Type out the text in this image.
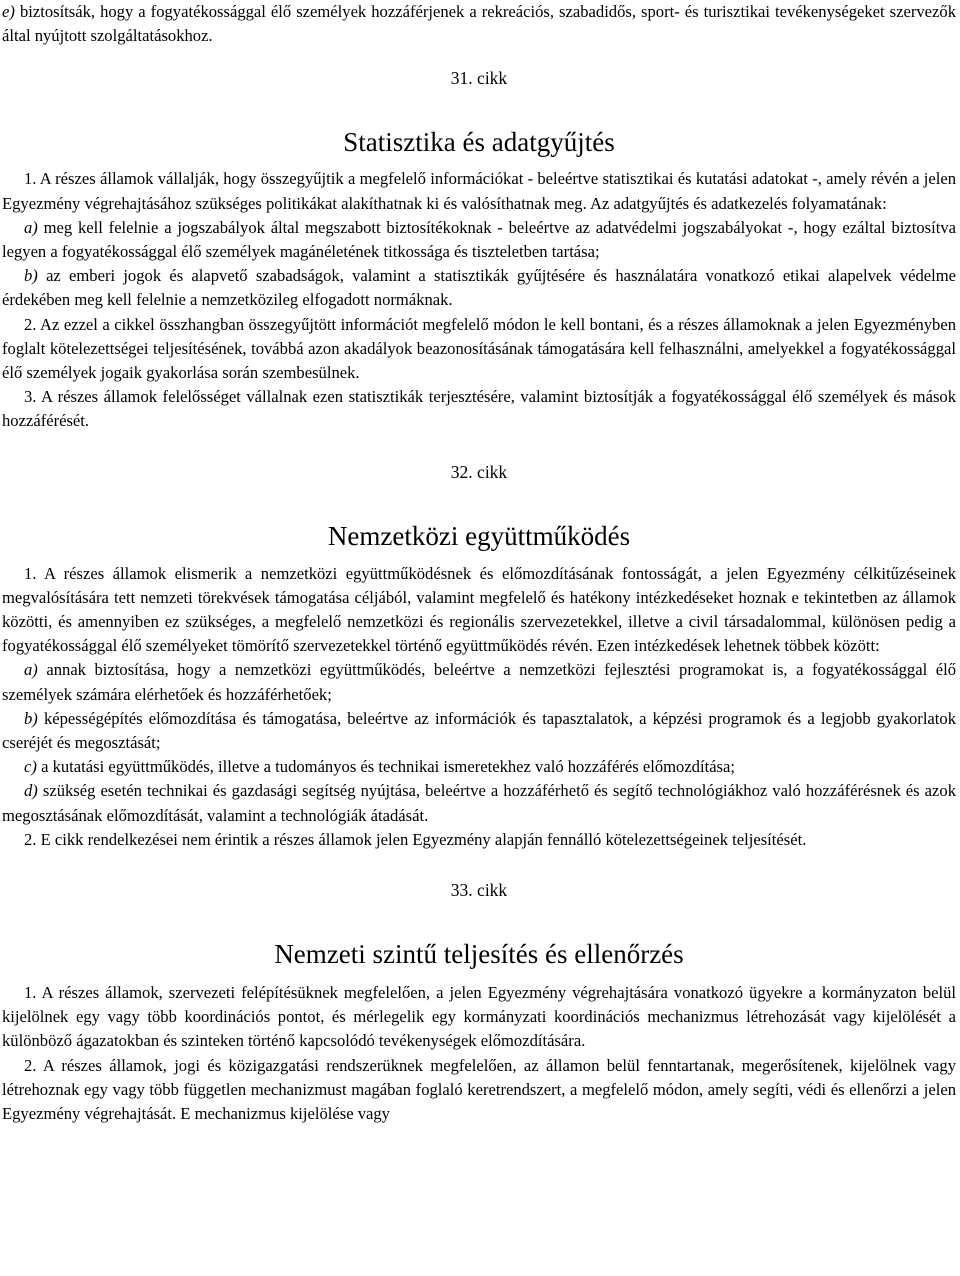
e) biztosítsák, hogy a fogyatékossággal élő személyek hozzáférjenek a rekreációs, szabadidős, sport- és turisztikai tevékenységeket szervezők által nyújtott szolgáltatásokhoz.

31. cikk
Statisztika és adatgyűjtés

1. A részes államok vállalják, hogy összegyűjtik a megfelelő információkat - beleértve statisztikai és kutatási adatokat -, amely révén a jelen Egyezmény végrehajtásához szükséges politikákat alakíthatnak ki és valósíthatnak meg. Az adatgyűjtés és adatkezelés folyamatának:

a) meg kell felelnie a jogszabályok által megszabott biztosítékoknak - beleértve az adatvédelmi jogszabályokat -, hogy ezáltal biztosítva legyen a fogyatékossággal élő személyek magánéletének titkossága és tiszteletben tartása;

b) az emberi jogok és alapvető szabadságok, valamint a statisztikák gyűjtésére és használatára vonatkozó etikai alapelvek védelme érdekében meg kell felelnie a nemzetközileg elfogadott normáknak.

2. Az ezzel a cikkel összhangban összegyűjtött információt megfelelő módon le kell bontani, és a részes államoknak a jelen Egyezményben foglalt kötelezettségei teljesítésének, továbbá azon akadályok beazonosításának támogatására kell felhasználni, amelyekkel a fogyatékossággal élő személyek jogaik gyakorlása során szembesülnek.

3. A részes államok felelősséget vállalnak ezen statisztikák terjesztésére, valamint biztosítják a fogyatékossággal élő személyek és mások hozzáférését.

32. cikk
Nemzetközi együttműködés

1. A részes államok elismerik a nemzetközi együttműködésnek és előmozdításának fontosságát, a jelen Egyezmény célkitűzéseinek megvalósítására tett nemzeti törekvések támogatása céljából, valamint megfelelő és hatékony intézkedéseket hoznak e tekintetben az államok közötti, és amennyiben ez szükséges, a megfelelő nemzetközi és regionális szervezetekkel, illetve a civil társadalommal, különösen pedig a fogyatékossággal élő személyeket tömörítő szervezetekkel történő együttműködés révén. Ezen intézkedések lehetnek többek között:

a) annak biztosítása, hogy a nemzetközi együttműködés, beleértve a nemzetközi fejlesztési programokat is, a fogyatékossággal élő személyek számára elérhetőek és hozzáférhetőek;

b) képességépítés előmozdítása és támogatása, beleértve az információk és tapasztalatok, a képzési programok és a legjobb gyakorlatok cseréjét és megosztását;

c) a kutatási együttműködés, illetve a tudományos és technikai ismeretekhez való hozzáférés előmozdítása;

d) szükség esetén technikai és gazdasági segítség nyújtása, beleértve a hozzáférhető és segítő technológiákhoz való hozzáférésnek és azok megosztásának előmozdítását, valamint a technológiák átadását.

2. E cikk rendelkezései nem érintik a részes államok jelen Egyezmény alapján fennálló kötelezettségeinek teljesítését.

33. cikk
Nemzeti szintű teljesítés és ellenőrzés

1. A részes államok, szervezeti felépítésüknek megfelelően, a jelen Egyezmény végrehajtására vonatkozó ügyekre a kormányzaton belül kijelölnek egy vagy több koordinációs pontot, és mérlegelik egy kormányzati koordinációs mechanizmus létrehozását vagy kijelölését a különböző ágazatokban és szinteken történő kapcsolódó tevékenységek előmozdítására.

2. A részes államok, jogi és közigazgatási rendszerüknek megfelelően, az államon belül fenntartanak, megerősítenek, kijelölnek vagy létrehoznak egy vagy több független mechanizmust magában foglaló keretrendszert, a megfelelő módon, amely segíti, védi és ellenőrzi a jelen Egyezmény végrehajtását. E mechanizmus kijelölése vagy
